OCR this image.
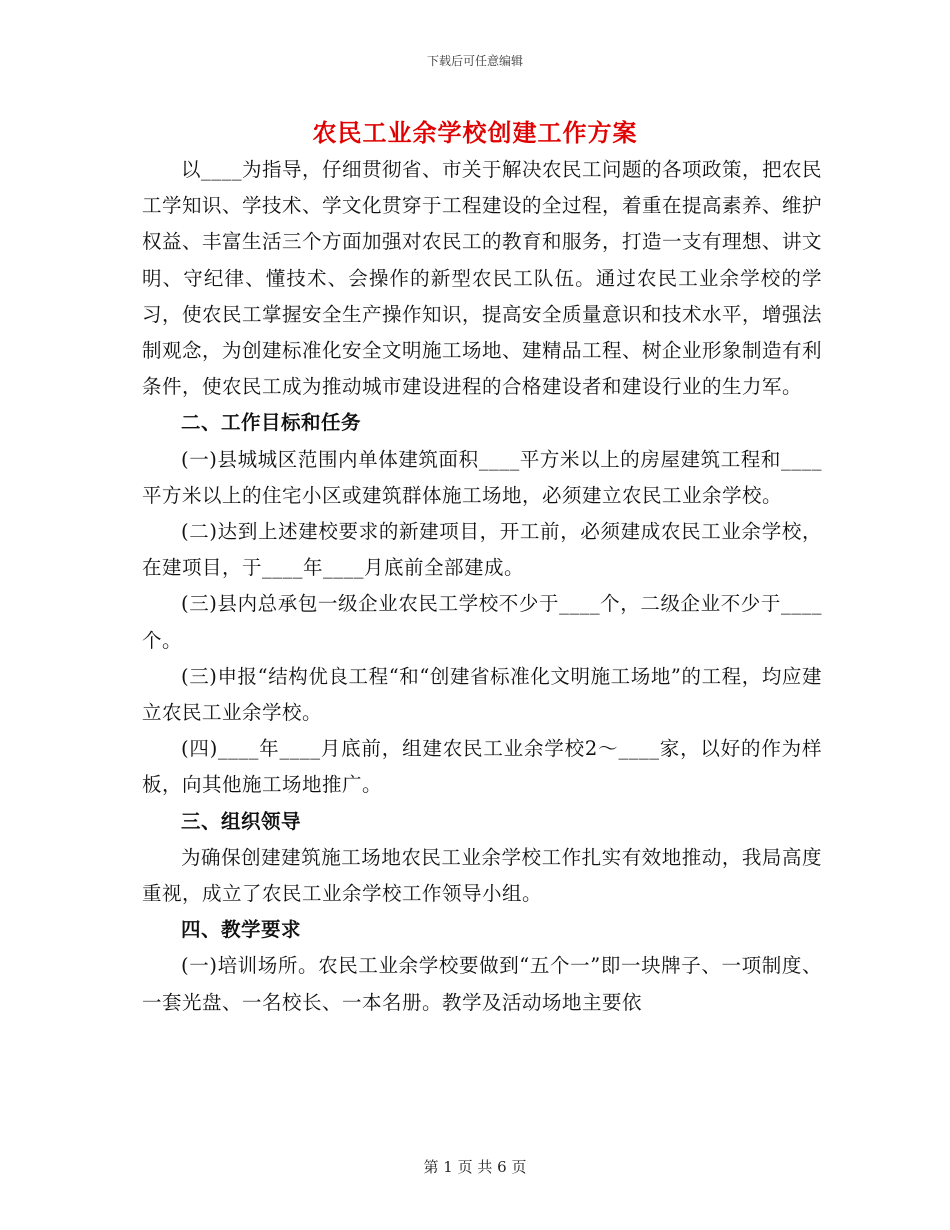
下载后可任意编辑
农民工业余学校创建工作方案

以____为指导，仔细贯彻省、市关于解决农民工问题的各项政策，把农民工学知识、学技术、学文化贯穿于工程建设的全过程，着重在提高素养、维护权益、丰富生活三个方面加强对农民工的教育和服务，打造一支有理想、讲文明、守纪律、懂技术、会操作的新型农民工队伍。通过农民工业余学校的学习，使农民工掌握安全生产操作知识，提高安全质量意识和技术水平，增强法制观念，为创建标准化安全文明施工场地、建精品工程、树企业形象制造有利条件，使农民工成为推动城市建设进程的合格建设者和建设行业的生力军。

二、工作目标和任务

(一)县城城区范围内单体建筑面积____平方米以上的房屋建筑工程和____平方米以上的住宅小区或建筑群体施工场地，必须建立农民工业余学校。

(二)达到上述建校要求的新建项目，开工前，必须建成农民工业余学校，在建项目，于____年____月底前全部建成。

(三)县内总承包一级企业农民工学校不少于____个，二级企业不少于____个。

(三)申报“结构优良工程“和“创建省标准化文明施工场地”的工程，均应建立农民工业余学校。

(四)____年____月底前，组建农民工业余学校2～____家，以好的作为样板，向其他施工场地推广。

三、组织领导

为确保创建建筑施工场地农民工业余学校工作扎实有效地推动，我局高度重视，成立了农民工业余学校工作领导小组。

四、教学要求

(一)培训场所。农民工业余学校要做到“五个一”即一块牌子、一项制度、一套光盘、一名校长、一本名册。教学及活动场地主要依

第 1 页 共 6 页
